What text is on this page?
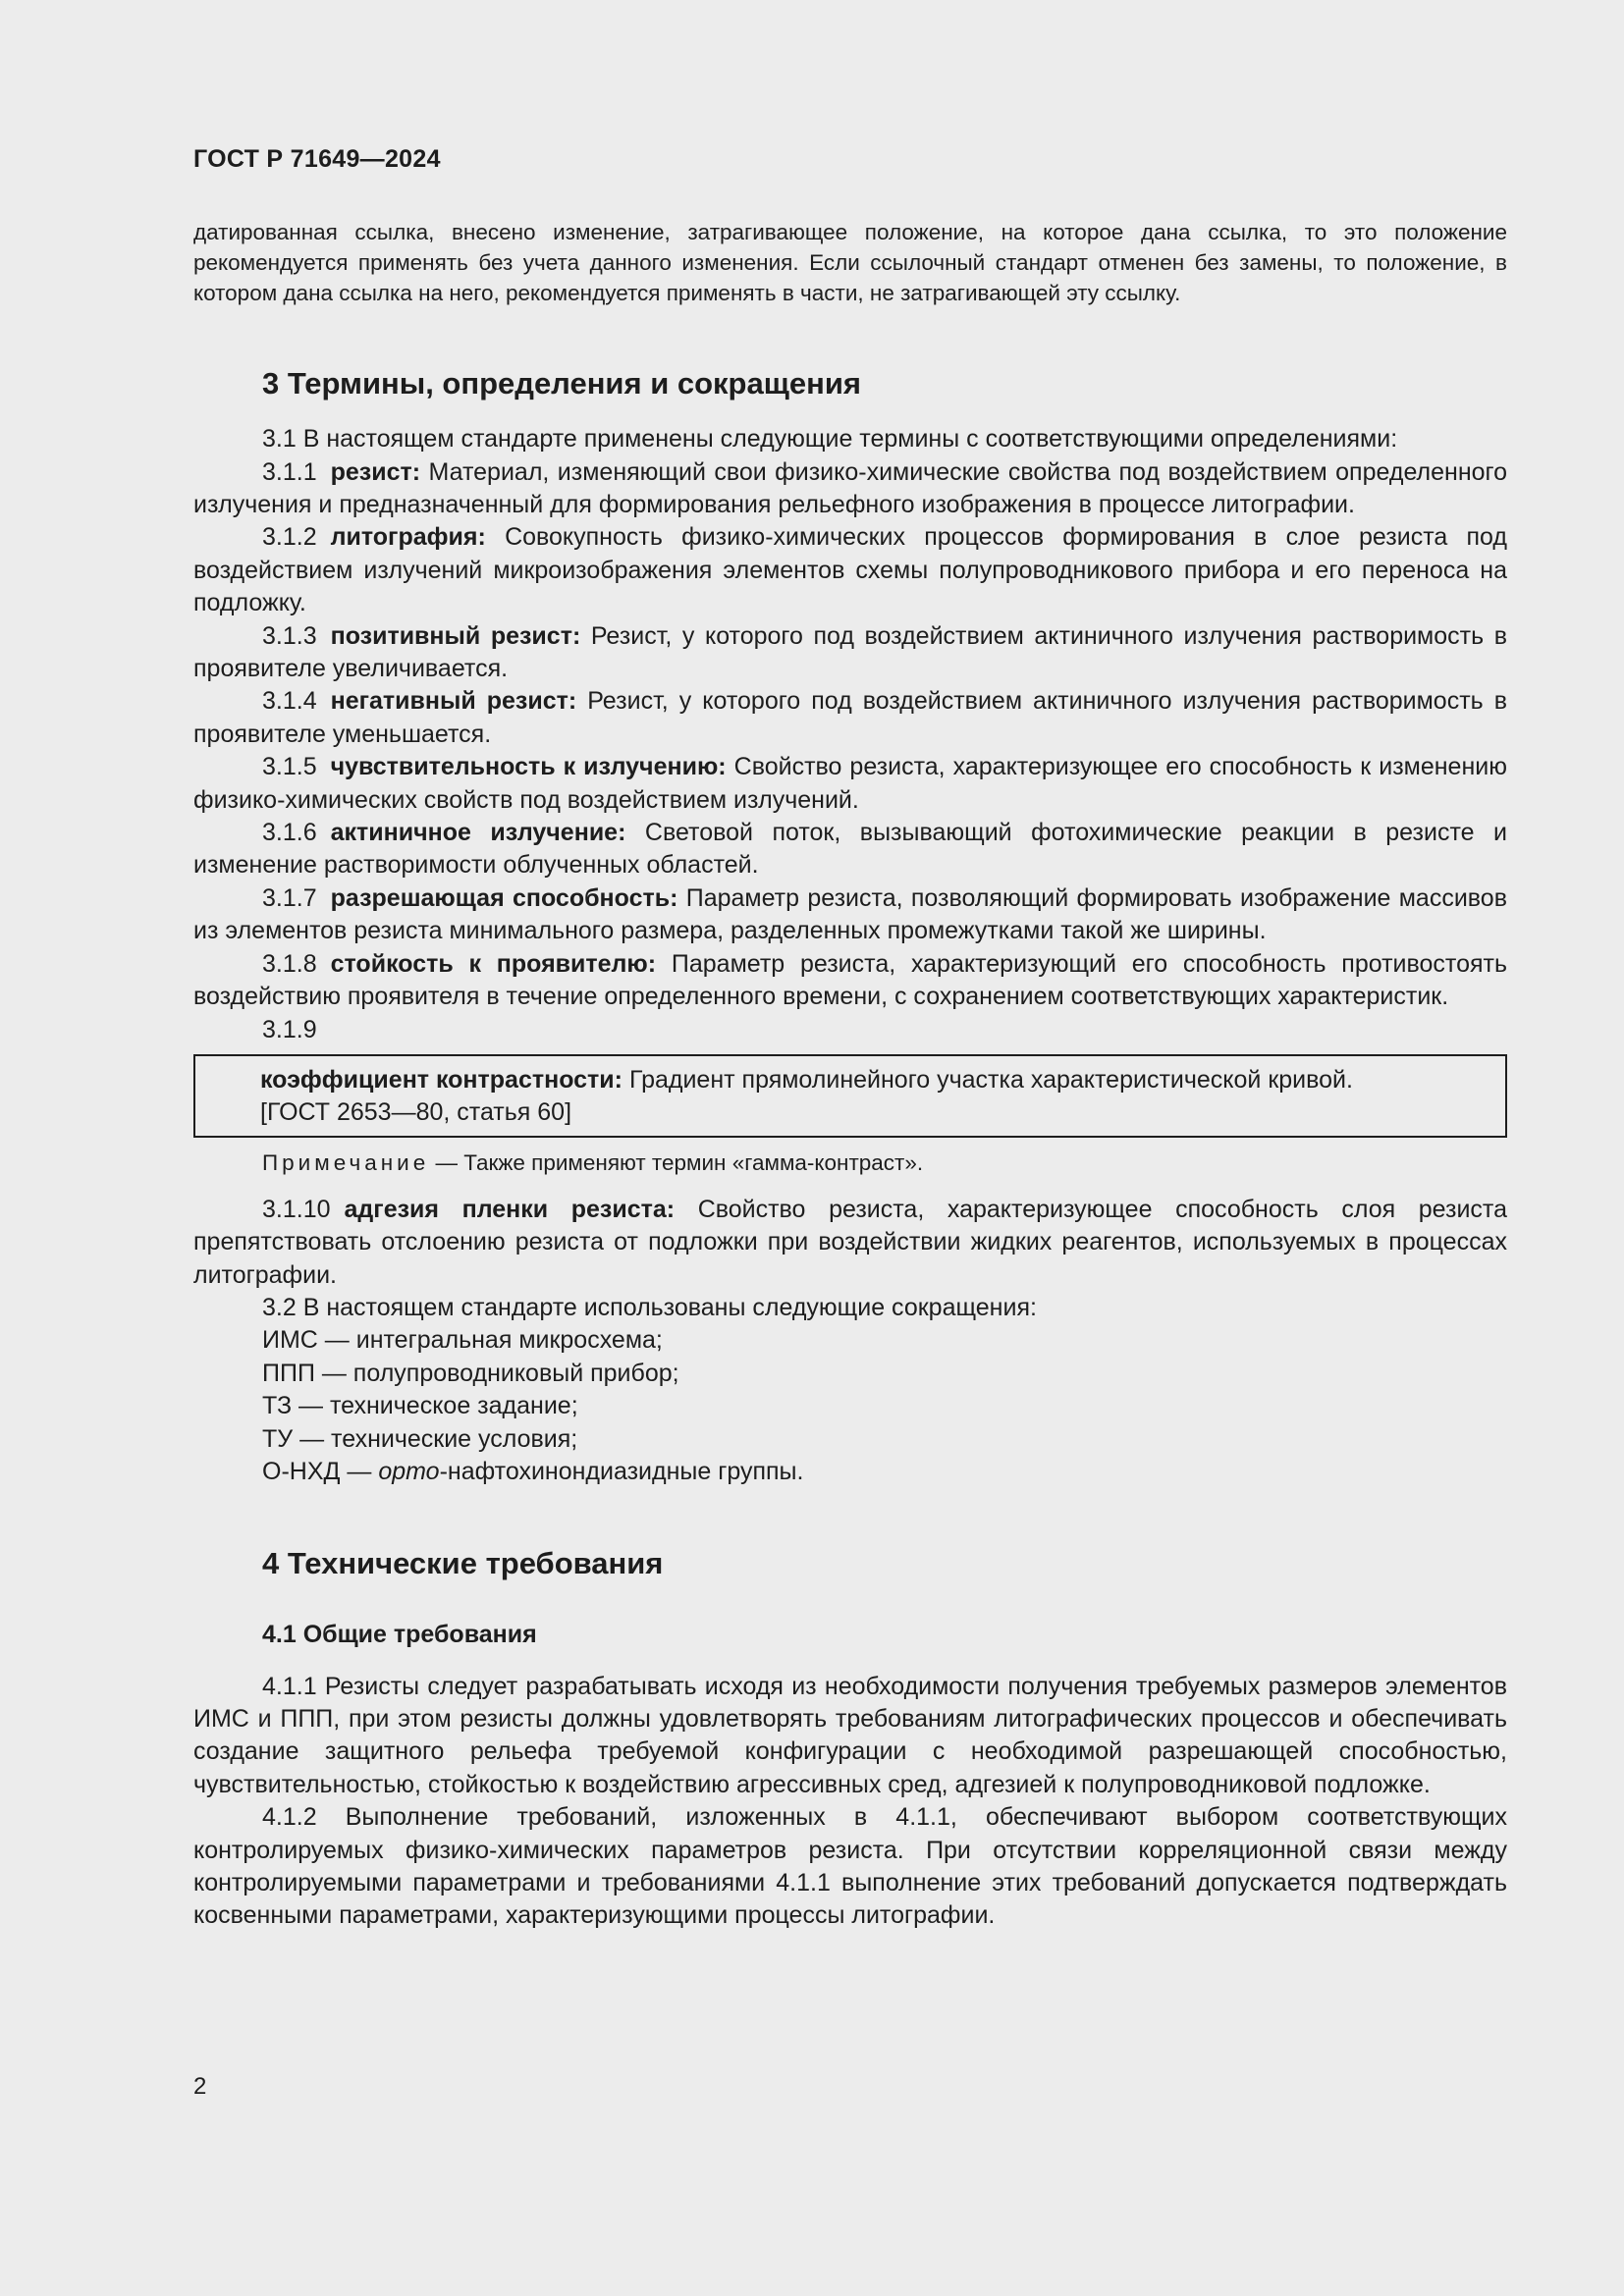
ГОСТ Р 71649—2024

датированная ссылка, внесено изменение, затрагивающее положение, на которое дана ссылка, то это положение рекомендуется применять без учета данного изменения. Если ссылочный стандарт отменен без замены, то положение, в котором дана ссылка на него, рекомендуется применять в части, не затрагивающей эту ссылку.

3 Термины, определения и сокращения

3.1 В настоящем стандарте применены следующие термины с соответствующими определениями:

3.1.1 резист: Материал, изменяющий свои физико-химические свойства под воздействием определенного излучения и предназначенный для формирования рельефного изображения в процессе литографии.

3.1.2 литография: Совокупность физико-химических процессов формирования в слое резиста под воздействием излучений микроизображения элементов схемы полупроводникового прибора и его переноса на подложку.

3.1.3 позитивный резист: Резист, у которого под воздействием актиничного излучения растворимость в проявителе увеличивается.

3.1.4 негативный резист: Резист, у которого под воздействием актиничного излучения растворимость в проявителе уменьшается.

3.1.5 чувствительность к излучению: Свойство резиста, характеризующее его способность к изменению физико-химических свойств под воздействием излучений.

3.1.6 актиничное излучение: Световой поток, вызывающий фотохимические реакции в резисте и изменение растворимости облученных областей.

3.1.7 разрешающая способность: Параметр резиста, позволяющий формировать изображение массивов из элементов резиста минимального размера, разделенных промежутками такой же ширины.

3.1.8 стойкость к проявителю: Параметр резиста, характеризующий его способность противостоять воздействию проявителя в течение определенного времени, с сохранением соответствующих характеристик.

3.1.9

коэффициент контрастности: Градиент прямолинейного участка характеристической кривой.
[ГОСТ 2653—80, статья 60]

Примечание — Также применяют термин «гамма-контраст».

3.1.10 адгезия пленки резиста: Свойство резиста, характеризующее способность слоя резиста препятствовать отслоению резиста от подложки при воздействии жидких реагентов, используемых в процессах литографии.

3.2 В настоящем стандарте использованы следующие сокращения:

ИМС — интегральная микросхема;

ППП — полупроводниковый прибор;

ТЗ — техническое задание;

ТУ — технические условия;

О-НХД — орто-нафтохинондиазидные группы.

4 Технические требования
4.1 Общие требования

4.1.1 Резисты следует разрабатывать исходя из необходимости получения требуемых размеров элементов ИМС и ППП, при этом резисты должны удовлетворять требованиям литографических процессов и обеспечивать создание защитного рельефа требуемой конфигурации с необходимой разрешающей способностью, чувствительностью, стойкостью к воздействию агрессивных сред, адгезией к полупроводниковой подложке.

4.1.2 Выполнение требований, изложенных в 4.1.1, обеспечивают выбором соответствующих контролируемых физико-химических параметров резиста. При отсутствии корреляционной связи между контролируемыми параметрами и требованиями 4.1.1 выполнение этих требований допускается подтверждать косвенными параметрами, характеризующими процессы литографии.

2
